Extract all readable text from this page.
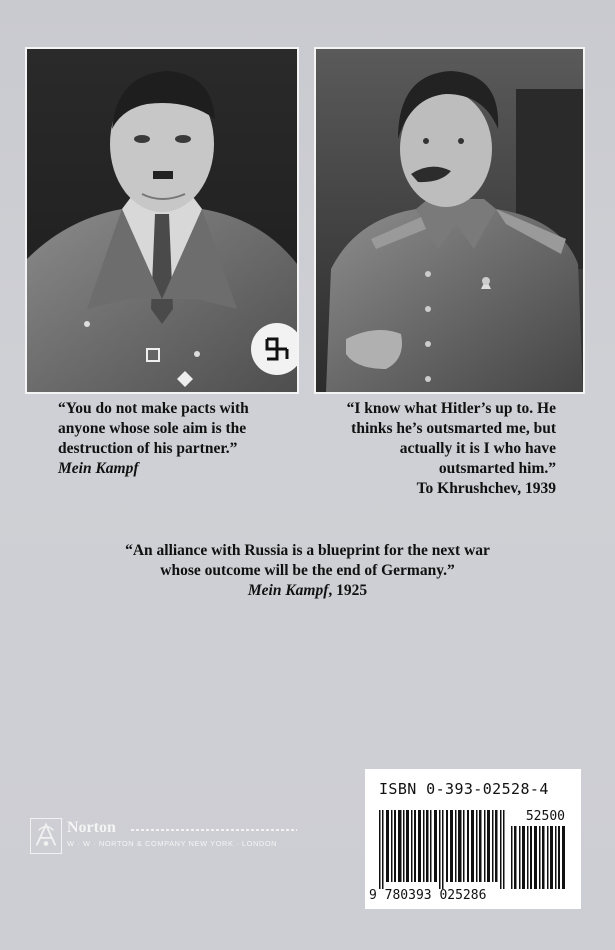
“You do not make pacts with
anyone whose sole aim is the
destruction of his partner.”
Mein Kampf
“I know what Hitler’s up to. He
thinks he’s outsmarted me, but
actually it is I who have
outsmarted him.”
To Khrushchev, 1939
“An alliance with Russia is a blueprint for the next war
whose outcome will be the end of Germany.”
Mein Kampf, 1925
Norton
W · W · NORTON & COMPANY NEW YORK · LONDON
ISBN 0-393-02528-4
52500
9 780393 025286
